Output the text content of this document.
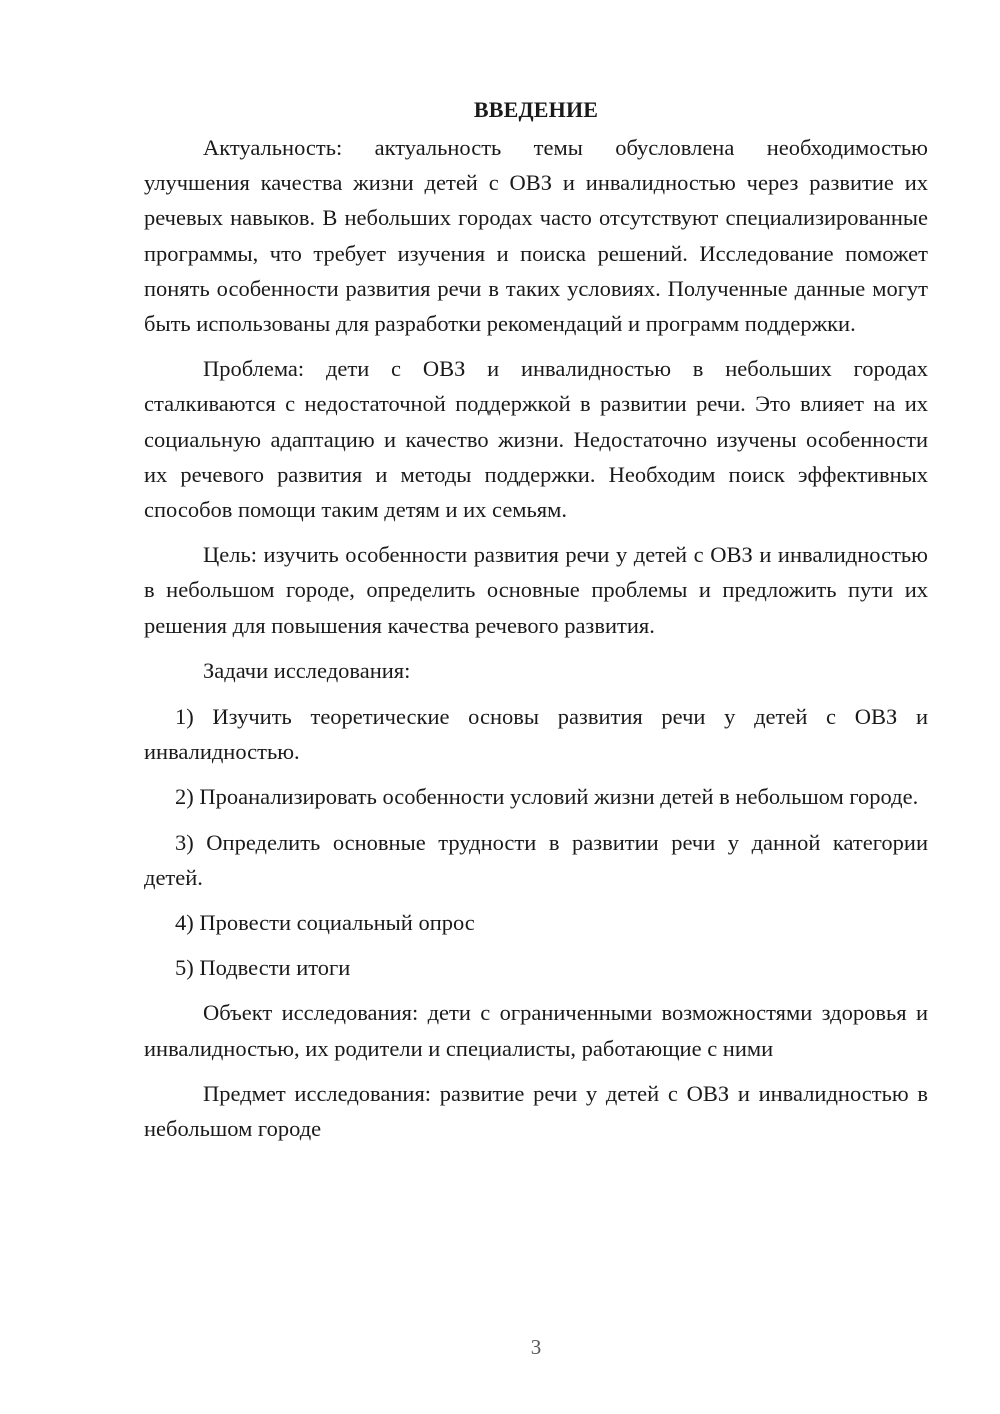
ВВЕДЕНИЕ

Актуальность: актуальность темы обусловлена необходимостью улучшения качества жизни детей с ОВЗ и инвалидностью через развитие их речевых навыков. В небольших городах часто отсутствуют специализированные программы, что требует изучения и поиска решений. Исследование поможет понять особенности развития речи в таких условиях. Полученные данные могут быть использованы для разработки рекомендаций и программ поддержки.

Проблема: дети с ОВЗ и инвалидностью в небольших городах сталкиваются с недостаточной поддержкой в развитии речи. Это влияет на их социальную адаптацию и качество жизни. Недостаточно изучены особенности их речевого развития и методы поддержки. Необходим поиск эффективных способов помощи таким детям и их семьям.

Цель: изучить особенности развития речи у детей с ОВЗ и инвалидностью в небольшом городе, определить основные проблемы и предложить пути их решения для повышения качества речевого развития.

Задачи исследования:

1) Изучить теоретические основы развития речи у детей с ОВЗ и инвалидностью.

2) Проанализировать особенности условий жизни детей в небольшом городе.

3) Определить основные трудности в развитии речи у данной категории детей.

4) Провести социальный опрос

5) Подвести итоги

Объект исследования: дети с ограниченными возможностями здоровья и инвалидностью, их родители и специалисты, работающие с ними

Предмет исследования: развитие речи у детей с ОВЗ и инвалидностью в небольшом городе

3
